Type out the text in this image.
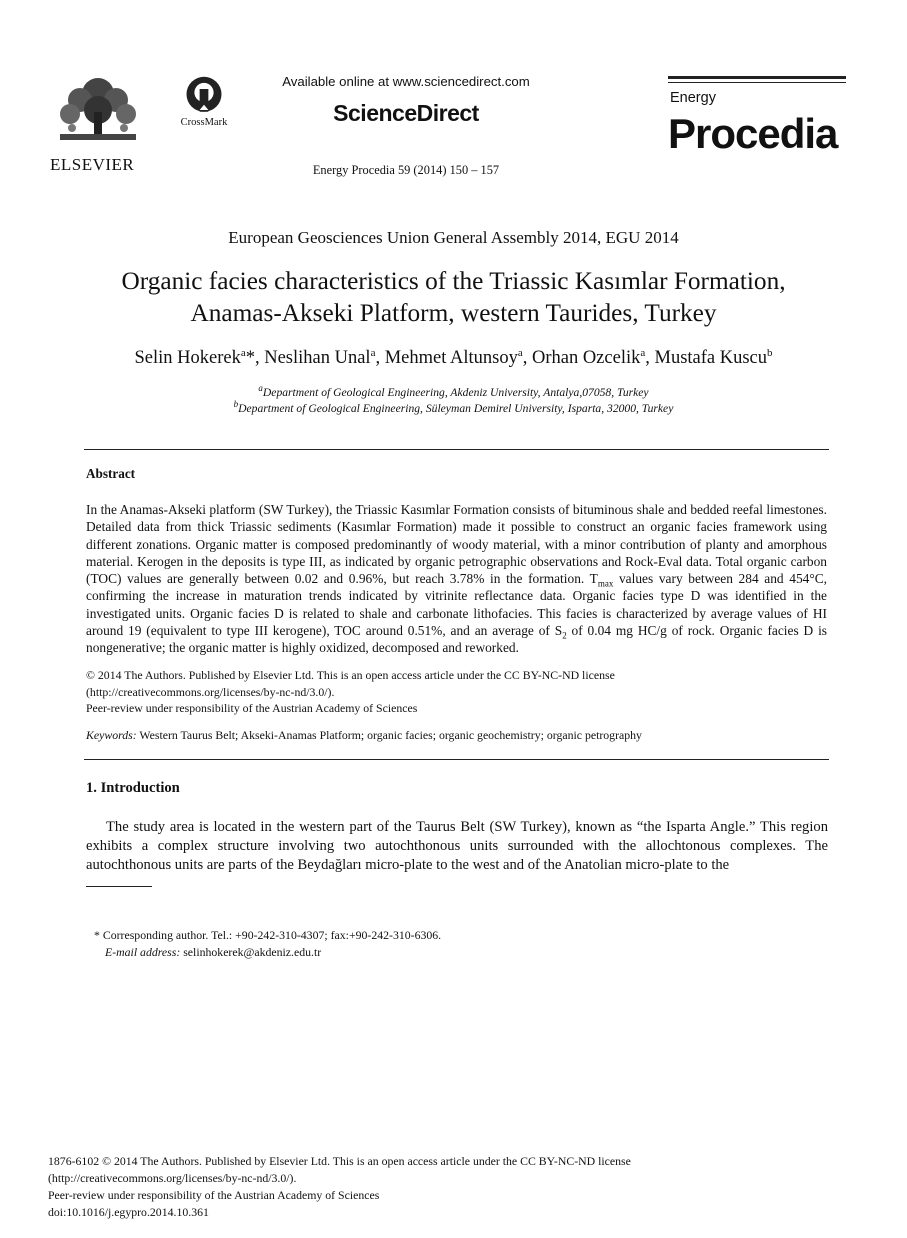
ELSEVIER
CrossMark
Available online at www.sciencedirect.com
ScienceDirect
Energy Procedia 59 (2014) 150 – 157
Energy
Procedia
European Geosciences Union General Assembly 2014, EGU 2014
Organic facies characteristics of the Triassic Kasımlar Formation,
Anamas-Akseki Platform, western Taurides, Turkey
Selin Hokerek$^a$*, Neslihan Unal$^a$, Mehmet Altunsoy$^a$, Orhan Ozcelik$^a$, Mustafa Kuscu$^b$
$^a$Department of Geological Engineering, Akdeniz University, Antalya,07058, Turkey
$^b$Department of Geological Engineering, Süleyman Demirel University, Isparta, 32000, Turkey
Abstract
In the Anamas-Akseki platform (SW Turkey), the Triassic Kasımlar Formation consists of bituminous shale and bedded reefal limestones. Detailed data from thick Triassic sediments (Kasımlar Formation) made it possible to construct an organic facies framework using different zonations. Organic matter is composed predominantly of woody material, with a minor contribution of planty and amorphous material. Kerogen in the deposits is type III, as indicated by organic petrographic observations and Rock-Eval data. Total organic carbon (TOC) values are generally between 0.02 and 0.96%, but reach 3.78% in the formation. $T_{max}$ values vary between 284 and 454°C, confirming the increase in maturation trends indicated by vitrinite reflectance data. Organic facies type D was identified in the investigated units. Organic facies D is related to shale and carbonate lithofacies. This facies is characterized by average values of HI around 19 (equivalent to type III kerogene), TOC around 0.51%, and an average of $S_2$ of 0.04 mg HC/g of rock. Organic facies D is nongenerative; the organic matter is highly oxidized, decomposed and reworked.
© 2014 The Authors. Published by Elsevier Ltd. This is an open access article under the CC BY-NC-ND license
(http://creativecommons.org/licenses/by-nc-nd/3.0/).
Peer-review under responsibility of the Austrian Academy of Sciences
Keywords: Western Taurus Belt; Akseki-Anamas Platform; organic facies; organic geochemistry; organic petrography
1. Introduction
The study area is located in the western part of the Taurus Belt (SW Turkey), known as “the Isparta Angle.” This region exhibits a complex structure involving two autochthonous units surrounded with the allochtonous complexes. The autochthonous units are parts of the Beydağları micro-plate to the west and of the Anatolian micro-plate to the
* Corresponding author. Tel.: +90-242-310-4307; fax:+90-242-310-6306.
E-mail address: selinhokerek@akdeniz.edu.tr
1876-6102 © 2014 The Authors. Published by Elsevier Ltd. This is an open access article under the CC BY-NC-ND license
(http://creativecommons.org/licenses/by-nc-nd/3.0/).
Peer-review under responsibility of the Austrian Academy of Sciences
doi:10.1016/j.egypro.2014.10.361
